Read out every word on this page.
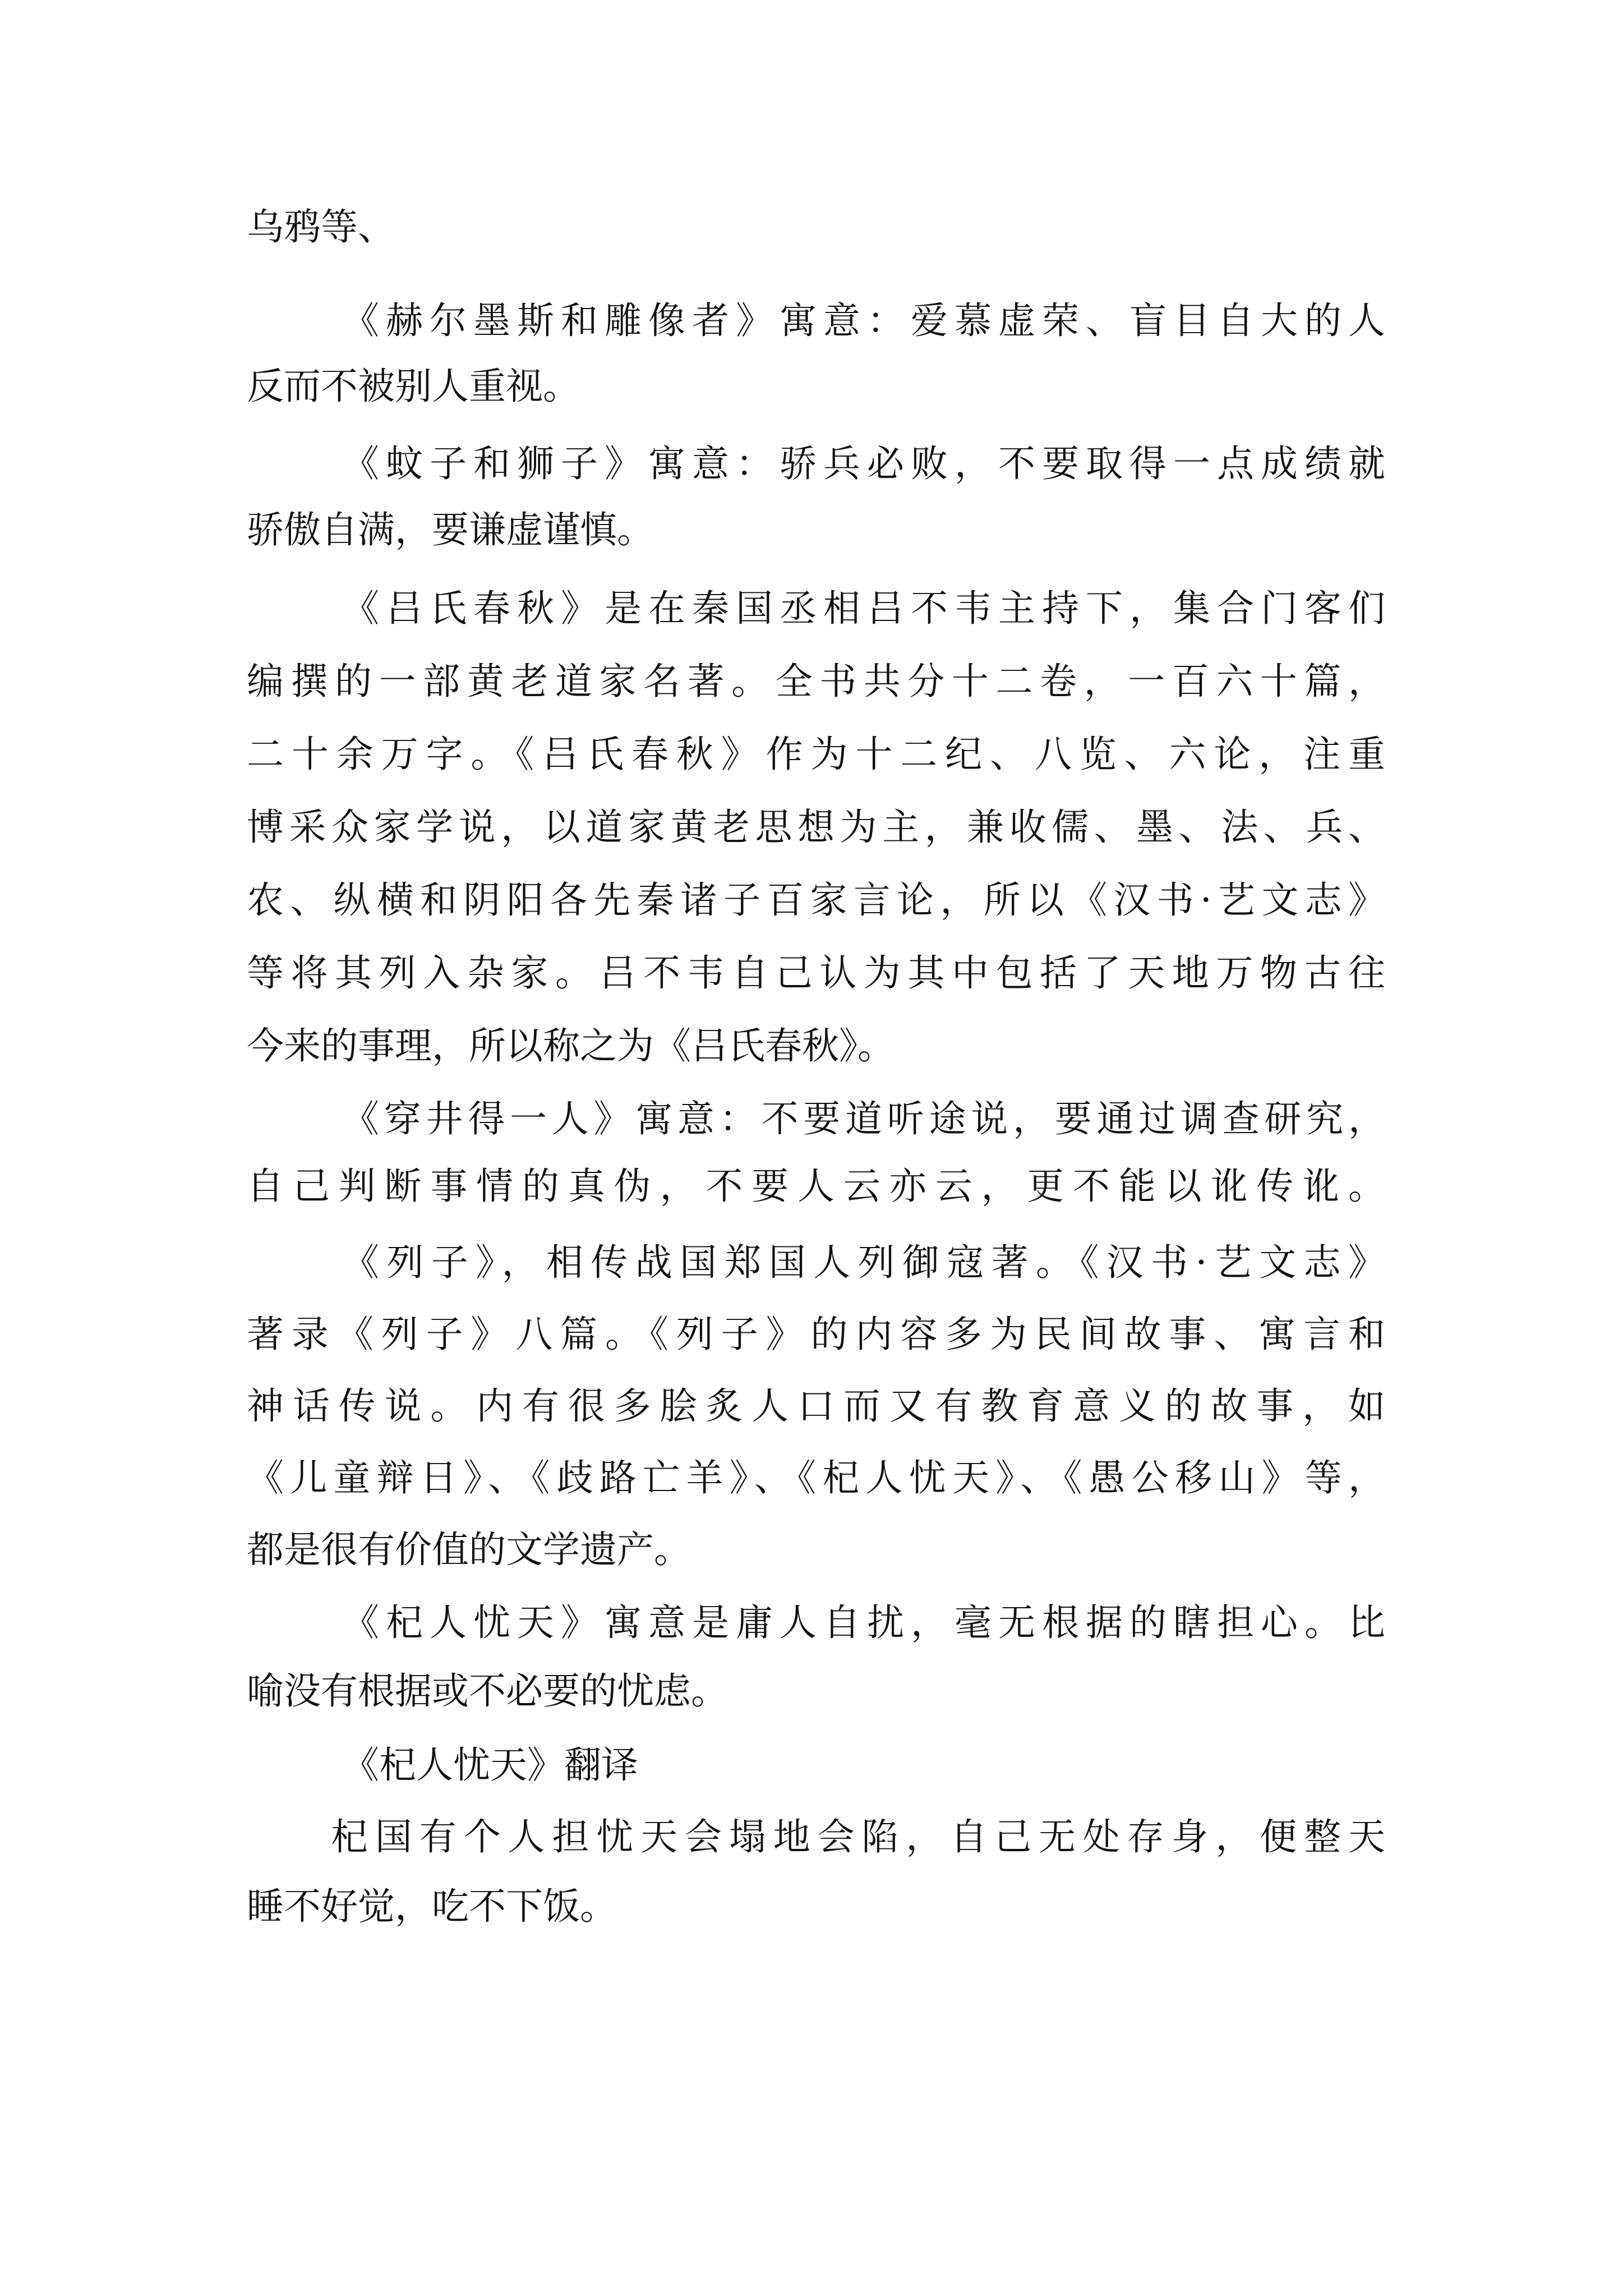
乌鸦等、
《赫尔墨斯和雕像者》寓意：爱慕虚荣、盲目自大的人
反而不被别人重视。
《蚊子和狮子》寓意：骄兵必败，不要取得一点成绩就
骄傲自满，要谦虚谨慎。
《吕氏春秋》是在秦国丞相吕不韦主持下，集合门客们
编撰的一部黄老道家名著。全书共分十二卷，一百六十篇，
二十余万字。《吕氏春秋》作为十二纪、八览、六论，注重
博采众家学说，以道家黄老思想为主，兼收儒、墨、法、兵、
农、纵横和阴阳各先秦诸子百家言论，所以《汉书·艺文志》
等将其列入杂家。吕不韦自己认为其中包括了天地万物古往
今来的事理，所以称之为《吕氏春秋》。
《穿井得一人》寓意：不要道听途说，要通过调查研究，
自己判断事情的真伪，不要人云亦云，更不能以讹传讹。
《列子》，相传战国郑国人列御寇著。《汉书·艺文志》
著录《列子》八篇。《列子》的内容多为民间故事、寓言和
神话传说。内有很多脍炙人口而又有教育意义的故事，如
《儿童辩日》、《歧路亡羊》、《杞人忧天》、《愚公移山》等，
都是很有价值的文学遗产。
《杞人忧天》寓意是庸人自扰，毫无根据的瞎担心。比
喻没有根据或不必要的忧虑。
《杞人忧天》翻译
杞国有个人担忧天会塌地会陷，自己无处存身，便整天
睡不好觉，吃不下饭。
